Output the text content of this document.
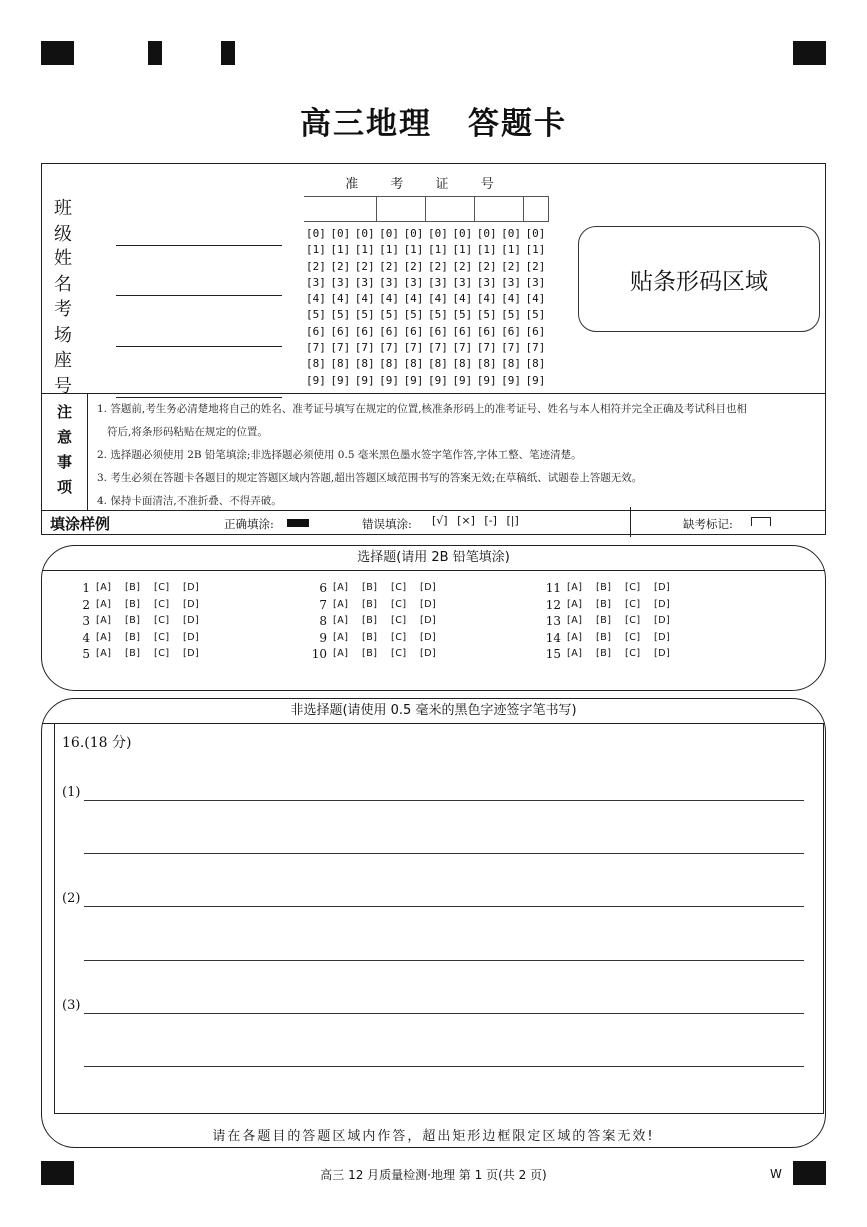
高三地理 答题卡
班 级
姓 名
考 场
座 号
准 考 证 号
[0] [0] [0] [0] [0] [0] [0] [0] [0] [0]
[1] [1] [1] [1] [1] [1] [1] [1] [1] [1]
[2] [2] [2] [2] [2] [2] [2] [2] [2] [2]
[3] [3] [3] [3] [3] [3] [3] [3] [3] [3]
[4] [4] [4] [4] [4] [4] [4] [4] [4] [4]
[5] [5] [5] [5] [5] [5] [5] [5] [5] [5]
[6] [6] [6] [6] [6] [6] [6] [6] [6] [6]
[7] [7] [7] [7] [7] [7] [7] [7] [7] [7]
[8] [8] [8] [8] [8] [8] [8] [8] [8] [8]
[9] [9] [9] [9] [9] [9] [9] [9] [9] [9]
贴条形码区域
注
意
事
项
1. 答题前,考生务必清楚地将自己的姓名、准考证号填写在规定的位置,核准条形码上的准考证号、姓名与本人相符并完全正确及考试科目也相
符后,将条形码粘贴在规定的位置。
2. 选择题必须使用 2B 铅笔填涂;非选择题必须使用 0.5 毫米黑色墨水签字笔作答,字体工整、笔迹清楚。
3. 考生必须在答题卡各题目的规定答题区域内答题,超出答题区域范围书写的答案无效;在草稿纸、试题卷上答题无效。
4. 保持卡面清洁,不准折叠、不得弄破。
填涂样例	正确填涂:	错误填涂: [√] [×] [-] [|]	缺考标记:
选择题(请用 2B 铅笔填涂)
1 [A]	[B]	[C]	[D]
2 [A]	[B]	[C]	[D]
3 [A]	[B]	[C]	[D]
4 [A]	[B]	[C]	[D]
5 [A]	[B]	[C]	[D]
6 [A]	[B]	[C]	[D]
7 [A]	[B]	[C]	[D]
8 [A]	[B]	[C]	[D]
9 [A]	[B]	[C]	[D]
10 [A]	[B]	[C]	[D]
11 [A]	[B]	[C]	[D]
12 [A]	[B]	[C]	[D]
13 [A]	[B]	[C]	[D]
14 [A]	[B]	[C]	[D]
15 [A]	[B]	[C]	[D]
非选择题(请使用 0.5 毫米的黑色字迹签字笔书写)
16.(18 分)
(1)
(2)
(3)
请在各题目的答题区域内作答，超出矩形边框限定区域的答案无效!
高三 12 月质量检测·地理 第 1 页(共 2 页)	W
